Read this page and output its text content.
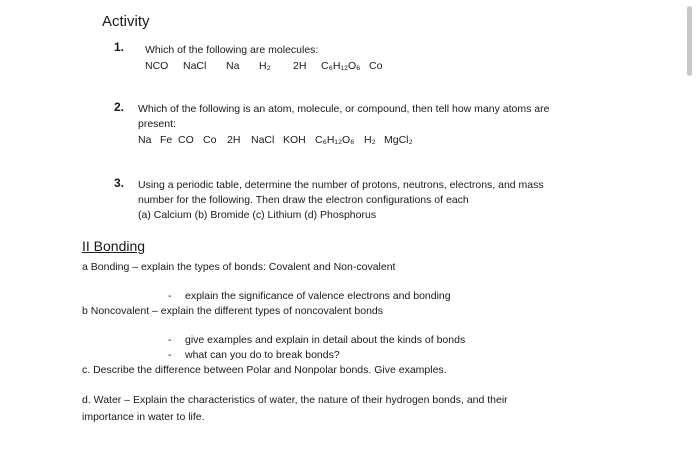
Activity
1. Which of the following are molecules:
NCO NaCl Na H₂ 2H C₆H₁₂O₆ Co
2. Which of the following is an atom, molecule, or compound, then tell how many atoms are
present:
Na Fe CO Co 2H NaCl KOH C₆H₁₂O₆ H₂ MgCl₂
3. Using a periodic table, determine the number of protons, neutrons, electrons, and mass
number for the following. Then draw the electron configurations of each
(a) Calcium (b) Bromide (c) Lithium (d) Phosphorus
II Bonding
a Bonding – explain the types of bonds: Covalent and Non-covalent
- explain the significance of valence electrons and bonding
b Noncovalent – explain the different types of noncovalent bonds
- give examples and explain in detail about the kinds of bonds
- what can you do to break bonds?
c. Describe the difference between Polar and Nonpolar bonds. Give examples.
d. Water – Explain the characteristics of water, the nature of their hydrogen bonds, and their
importance in water to life.
